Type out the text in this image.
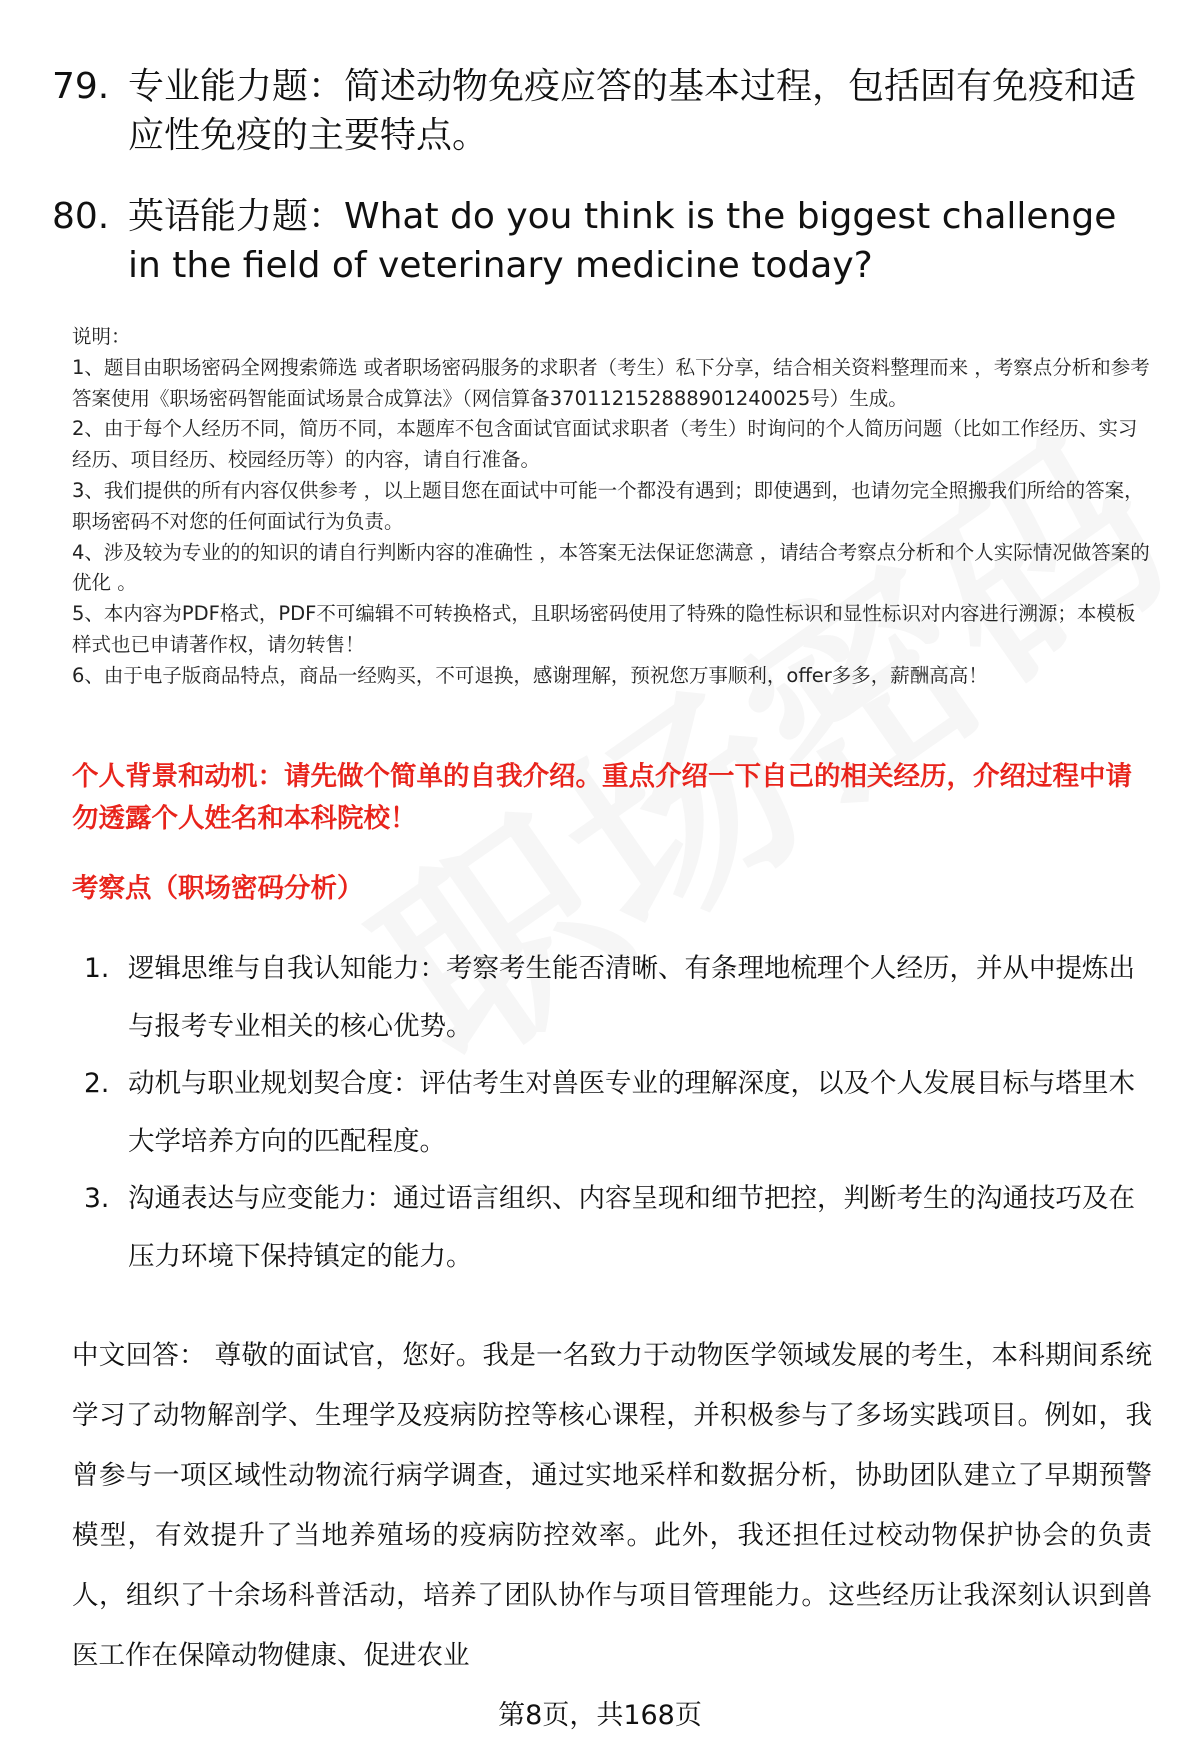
79. 专业能力题：简述动物免疫应答的基本过程，包括固有免疫和适应性免疫的主要特点。
80. 英语能力题：What do you think is the biggest challenge in the field of veterinary medicine today?

说明：

1、题目由职场密码全网搜索筛选 或者职场密码服务的求职者（考生）私下分享，结合相关资料整理而来 ，考察点分析和参考答案使用《职场密码智能面试场景合成算法》（网信算备370112152888901240025号）生成。

2、由于每个人经历不同，简历不同，本题库不包含面试官面试求职者（考生）时询问的个人简历问题（比如工作经历、实习经历、项目经历、校园经历等）的内容，请自行准备。

3、我们提供的所有内容仅供参考 ，以上题目您在面试中可能一个都没有遇到；即使遇到，也请勿完全照搬我们所给的答案，职场密码不对您的任何面试行为负责。

4、涉及较为专业的的知识的请自行判断内容的准确性 ，本答案无法保证您满意 ，请结合考察点分析和个人实际情况做答案的优化 。

5、本内容为PDF格式，PDF不可编辑不可转换格式，且职场密码使用了特殊的隐性标识和显性标识对内容进行溯源；本模板样式也已申请著作权，请勿转售！

6、由于电子版商品特点，商品一经购买，不可退换，感谢理解，预祝您万事顺利，offer多多，薪酬高高！

个人背景和动机：请先做个简单的自我介绍。重点介绍一下自己的相关经历，介绍过程中请勿透露个人姓名和本科院校！
考察点（职场密码分析）
1. 逻辑思维与自我认知能力：考察考生能否清晰、有条理地梳理个人经历，并从中提炼出与报考专业相关的核心优势。
2. 动机与职业规划契合度：评估考生对兽医专业的理解深度，以及个人发展目标与塔里木大学培养方向的匹配程度。
3. 沟通表达与应变能力：通过语言组织、内容呈现和细节把控，判断考生的沟通技巧及在压力环境下保持镇定的能力。
中文回答： 尊敬的面试官，您好。我是一名致力于动物医学领域发展的考生，本科期间系统学习了动物解剖学、生理学及疫病防控等核心课程，并积极参与了多场实践项目。例如，我曾参与一项区域性动物流行病学调查，通过实地采样和数据分析，协助团队建立了早期预警模型，有效提升了当地养殖场的疫病防控效率。此外，我还担任过校动物保护协会的负责人，组织了十余场科普活动，培养了团队协作与项目管理能力。这些经历让我深刻认识到兽医工作在保障动物健康、促进农业
第8页，共168页
